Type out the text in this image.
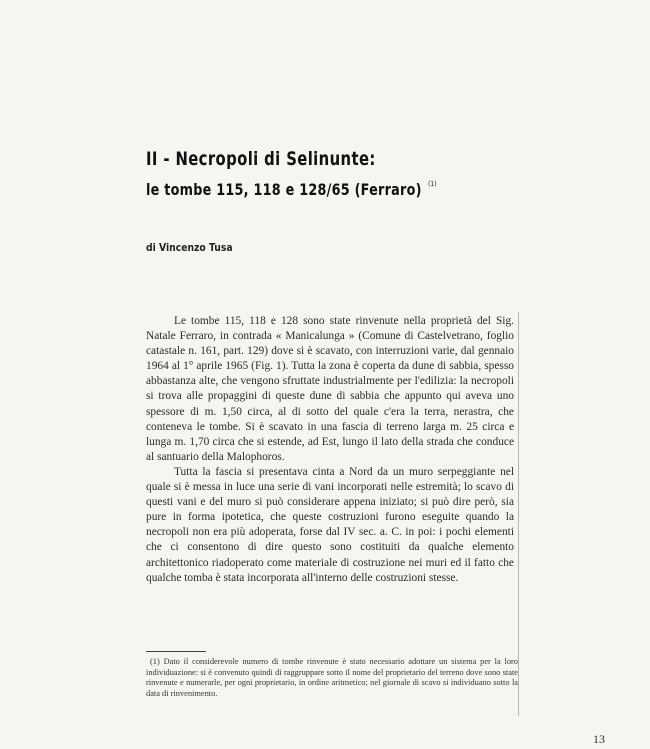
II - Necropoli di Selinunte:
le tombe 115, 118 e 128/65 (Ferraro) $^{(1)}$
di Vincenzo Tusa

Le tombe 115, 118 e 128 sono state rinvenute nella proprietà del Sig. Natale Ferraro, in contrada « Manicalunga » (Comune di Castelvetrano, foglio catastale n. 161, part. 129) dove si è scavato, con interruzioni varie, dal gennaio 1964 al 1° aprile 1965 (Fig. 1). Tutta la zona è coperta da dune di sabbia, spesso abbastanza alte, che vengono sfruttate industrialmente per l'edilizia: la necropoli si trova alle propaggini di queste dune di sabbia che appunto qui aveva uno spessore di m. 1,50 circa, al di sotto del quale c'era la terra, nerastra, che conteneva le tombe. Si è scavato in una fascia di terreno larga m. 25 circa e lunga m. 1,70 circa che si estende, ad Est, lungo il lato della strada che conduce al santuario della Malophoros.

Tutta la fascia si presentava cinta a Nord da un muro serpeggiante nel quale si è messa in luce una serie di vani incorporati nelle estremità; lo scavo di questi vani e del muro si può considerare appena iniziato; si può dire però, sia pure in forma ipotetica, che queste costruzioni furono eseguite quando la necropoli non era più adoperata, forse dal IV sec. a. C. in poi: i pochi elementi che ci consentono di dire questo sono costituiti da qualche elemento architettonico riadoperato come materiale di costruzione nei muri ed il fatto che qualche tomba è stata incorporata all'interno delle costruzioni stesse.

(1) Dato il considerevole numero di tombe rinvenute è stato necessario adottare un sistema per la loro individuazione: si è convenuto quindi di raggruppare sotto il nome del proprietario del terreno dove sono state rinvenute e numerarle, per ogni proprietario, in ordine aritmetico; nel giornale di scavo si individuano sotto la data di rinvenimento.

13
